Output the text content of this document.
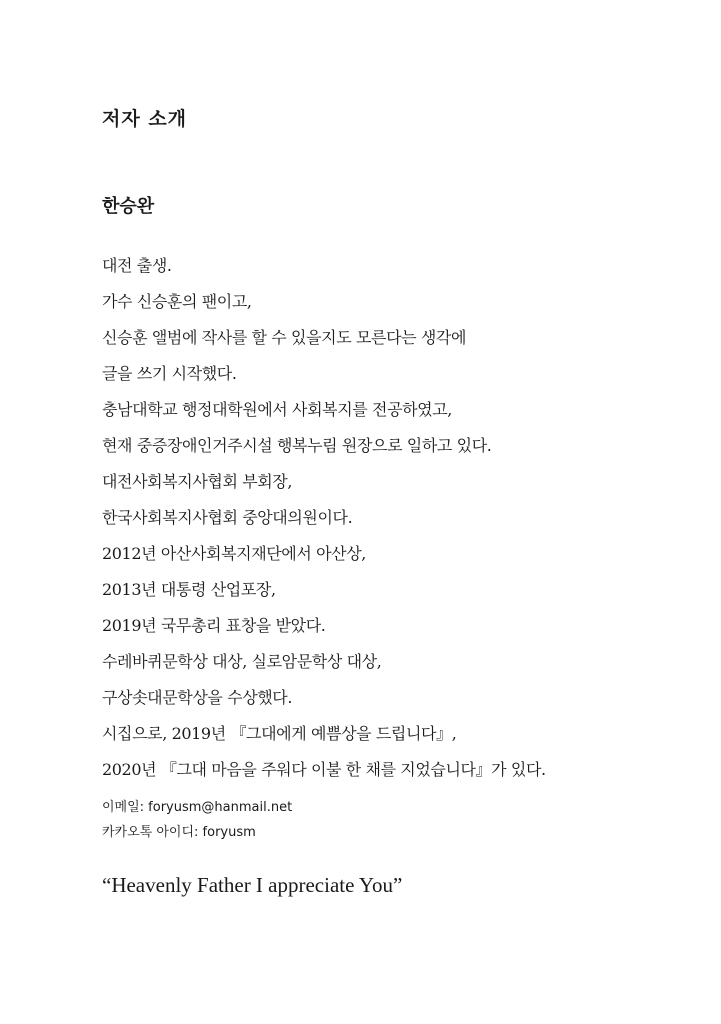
저자 소개
한승완
대전 출생.
가수 신승훈의 팬이고,
신승훈 앨범에 작사를 할 수 있을지도 모른다는 생각에
글을 쓰기 시작했다.
충남대학교 행정대학원에서 사회복지를 전공하였고,
현재 중증장애인거주시설 행복누림 원장으로 일하고 있다.
대전사회복지사협회 부회장,
한국사회복지사협회 중앙대의원이다.
2012년 아산사회복지재단에서 아산상,
2013년 대통령 산업포장,
2019년 국무총리 표창을 받았다.
수레바퀴문학상 대상, 실로암문학상 대상,
구상솟대문학상을 수상했다.
시집으로, 2019년 『그대에게 예쁨상을 드립니다』,
2020년 『그대 마음을 주워다 이불 한 채를 지었습니다』가 있다.
이메일: foryusm@hanmail.net
카카오톡 아이디: foryusm

“Heavenly Father I appreciate You”
